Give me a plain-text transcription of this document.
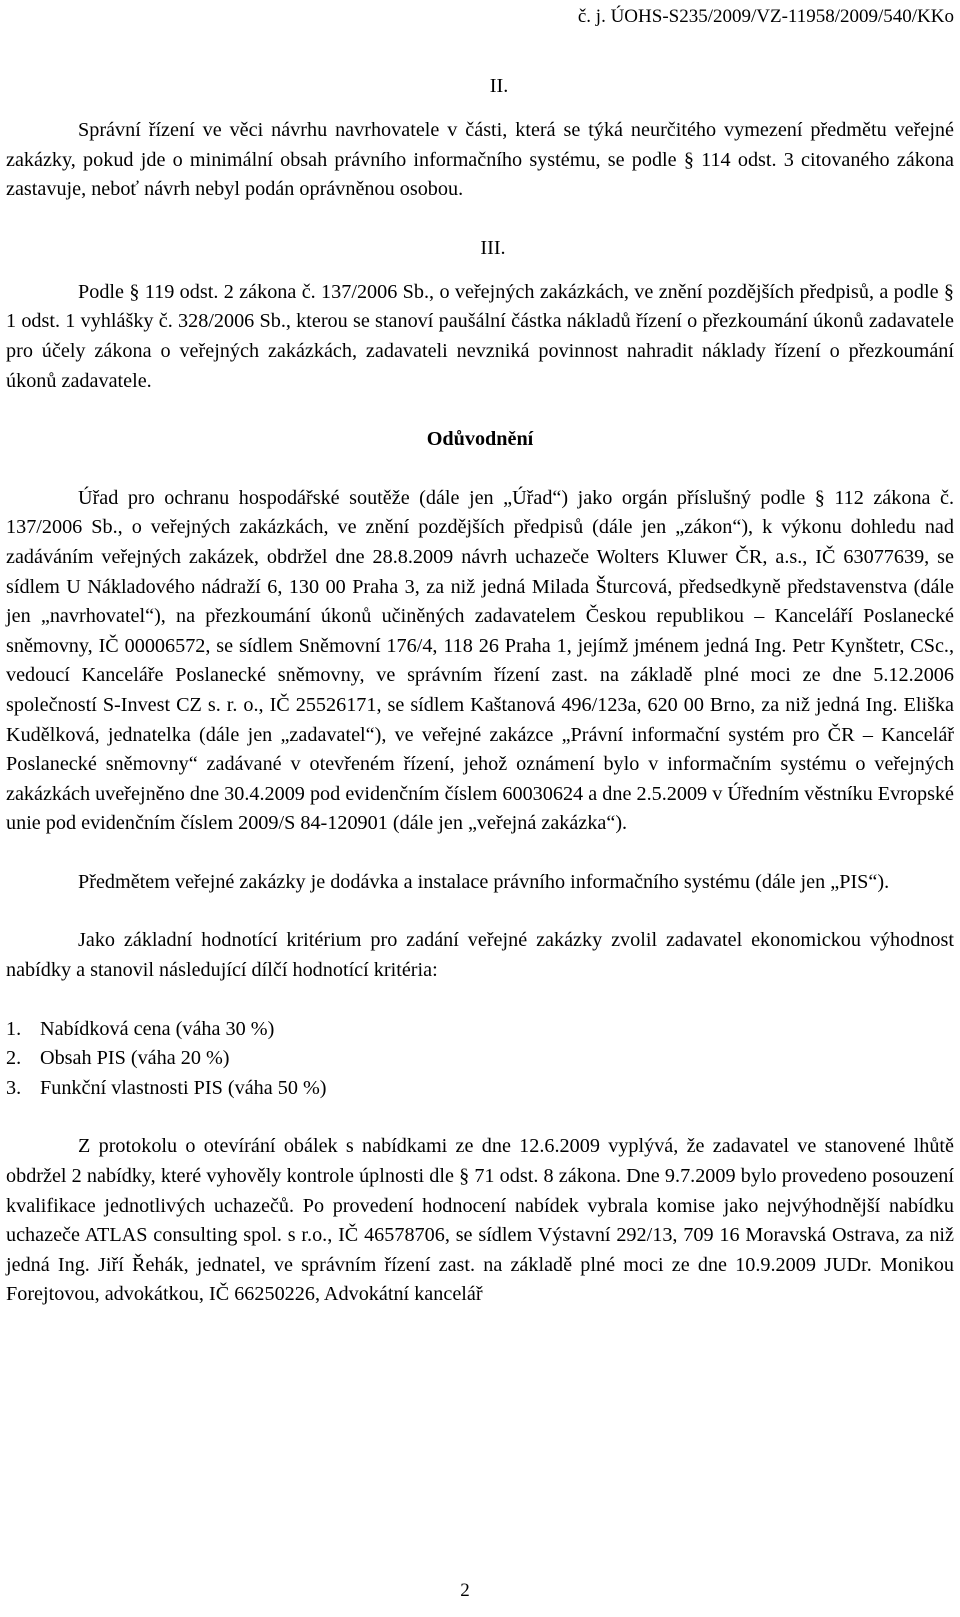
č. j. ÚOHS-S235/2009/VZ-11958/2009/540/KKo
II.

Správní řízení ve věci návrhu navrhovatele v části, která se týká neurčitého vymezení předmětu veřejné zakázky, pokud jde o minimální obsah právního informačního systému, se podle § 114 odst. 3 citovaného zákona zastavuje, neboť návrh nebyl podán oprávněnou osobou.

III.

Podle § 119 odst. 2 zákona č. 137/2006 Sb., o veřejných zakázkách, ve znění pozdějších předpisů, a podle § 1 odst. 1 vyhlášky č. 328/2006 Sb., kterou se stanoví paušální částka nákladů řízení o přezkoumání úkonů zadavatele pro účely zákona o veřejných zakázkách, zadavateli nevzniká povinnost nahradit náklady řízení o přezkoumání úkonů zadavatele.

Odůvodnění

Úřad pro ochranu hospodářské soutěže (dále jen „Úřad“) jako orgán příslušný podle § 112 zákona č. 137/2006 Sb., o veřejných zakázkách, ve znění pozdějších předpisů (dále jen „zákon“), k výkonu dohledu nad zadáváním veřejných zakázek, obdržel dne 28.8.2009 návrh uchazeče Wolters Kluwer ČR, a.s., IČ 63077639, se sídlem U Nákladového nádraží 6, 130 00 Praha 3, za niž jedná Milada Šturcová, předsedkyně představenstva (dále jen „navrhovatel“), na přezkoumání úkonů učiněných zadavatelem Českou republikou – Kanceláří Poslanecké sněmovny, IČ 00006572, se sídlem Sněmovní 176/4, 118 26 Praha 1, jejímž jménem jedná Ing. Petr Kynštetr, CSc., vedoucí Kanceláře Poslanecké sněmovny, ve správním řízení zast. na základě plné moci ze dne 5.12.2006 společností S-Invest CZ s. r. o., IČ 25526171, se sídlem Kaštanová 496/123a, 620 00 Brno, za niž jedná Ing. Eliška Kudělková, jednatelka (dále jen „zadavatel“), ve veřejné zakázce „Právní informační systém pro ČR – Kancelář Poslanecké sněmovny“ zadávané v otevřeném řízení, jehož oznámení bylo v informačním systému o veřejných zakázkách uveřejněno dne 30.4.2009 pod evidenčním číslem 60030624 a dne 2.5.2009 v Úředním věstníku Evropské unie pod evidenčním číslem 2009/S 84-120901 (dále jen „veřejná zakázka“).

Předmětem veřejné zakázky je dodávka a instalace právního informačního systému (dále jen „PIS“).

Jako základní hodnotící kritérium pro zadání veřejné zakázky zvolil zadavatel ekonomickou výhodnost nabídky a stanovil následující dílčí hodnotící kritéria:

1. Nabídková cena (váha 30 %)
2. Obsah PIS (váha 20 %)
3. Funkční vlastnosti PIS (váha 50 %)

Z protokolu o otevírání obálek s nabídkami ze dne 12.6.2009 vyplývá, že zadavatel ve stanovené lhůtě obdržel 2 nabídky, které vyhověly kontrole úplnosti dle § 71 odst. 8 zákona. Dne 9.7.2009 bylo provedeno posouzení kvalifikace jednotlivých uchazečů. Po provedení hodnocení nabídek vybrala komise jako nejvýhodnější nabídku uchazeče ATLAS consulting spol. s r.o., IČ 46578706, se sídlem Výstavní 292/13, 709 16 Moravská Ostrava, za niž jedná Ing. Jiří Řehák, jednatel, ve správním řízení zast. na základě plné moci ze dne 10.9.2009 JUDr. Monikou Forejtovou, advokátkou, IČ 66250226, Advokátní kancelář

2
